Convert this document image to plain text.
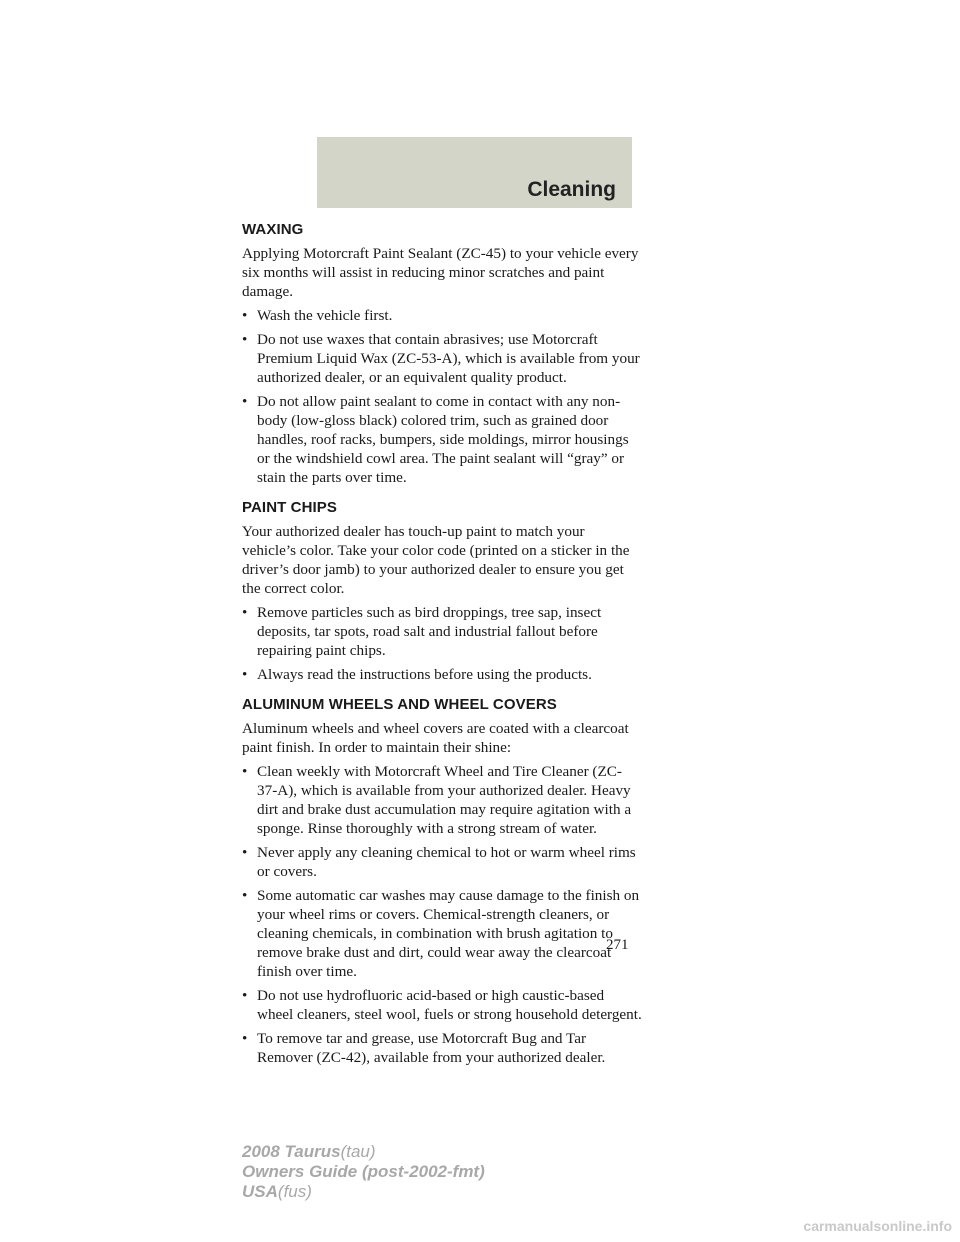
Cleaning
WAXING

Applying Motorcraft Paint Sealant (ZC-45) to your vehicle every six months will assist in reducing minor scratches and paint damage.

• Wash the vehicle first.
• Do not use waxes that contain abrasives; use Motorcraft Premium Liquid Wax (ZC-53-A), which is available from your authorized dealer, or an equivalent quality product.
• Do not allow paint sealant to come in contact with any non-body (low-gloss black) colored trim, such as grained door handles, roof racks, bumpers, side moldings, mirror housings or the windshield cowl area. The paint sealant will “gray” or stain the parts over time.
PAINT CHIPS

Your authorized dealer has touch-up paint to match your vehicle’s color. Take your color code (printed on a sticker in the driver’s door jamb) to your authorized dealer to ensure you get the correct color.

• Remove particles such as bird droppings, tree sap, insect deposits, tar spots, road salt and industrial fallout before repairing paint chips.
• Always read the instructions before using the products.
ALUMINUM WHEELS AND WHEEL COVERS

Aluminum wheels and wheel covers are coated with a clearcoat paint finish. In order to maintain their shine:

• Clean weekly with Motorcraft Wheel and Tire Cleaner (ZC-37-A), which is available from your authorized dealer. Heavy dirt and brake dust accumulation may require agitation with a sponge. Rinse thoroughly with a strong stream of water.
• Never apply any cleaning chemical to hot or warm wheel rims or covers.
• Some automatic car washes may cause damage to the finish on your wheel rims or covers. Chemical-strength cleaners, or cleaning chemicals, in combination with brush agitation to remove brake dust and dirt, could wear away the clearcoat finish over time.
• Do not use hydrofluoric acid-based or high caustic-based wheel cleaners, steel wool, fuels or strong household detergent.
• To remove tar and grease, use Motorcraft Bug and Tar Remover (ZC-42), available from your authorized dealer.
271
2008 Taurus(tau)
Owners Guide (post-2002-fmt)
USA(fus)
carmanualsonline.info
